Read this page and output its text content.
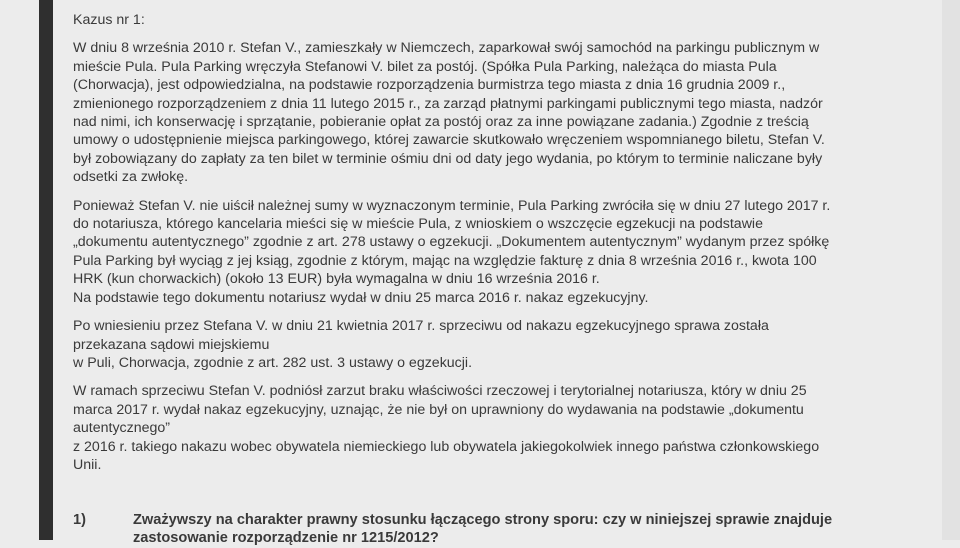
Kazus nr 1:

W dniu 8 września 2010 r. Stefan V., zamieszkały w Niemczech, zaparkował swój samochód na parkingu publicznym w
mieście Pula. Pula Parking wręczyła Stefanowi V. bilet za postój. (Spółka Pula Parking, należąca do miasta Pula
(Chorwacja), jest odpowiedzialna, na podstawie rozporządzenia burmistrza tego miasta z dnia 16 grudnia 2009 r.,
zmienionego rozporządzeniem z dnia 11 lutego 2015 r., za zarząd płatnymi parkingami publicznymi tego miasta, nadzór
nad nimi, ich konserwację i sprzątanie, pobieranie opłat za postój oraz za inne powiązane zadania.) Zgodnie z treścią
umowy o udostępnienie miejsca parkingowego, której zawarcie skutkowało wręczeniem wspomnianego biletu, Stefan V.
był zobowiązany do zapłaty za ten bilet w terminie ośmiu dni od daty jego wydania, po którym to terminie naliczane były
odsetki za zwłokę.

Ponieważ Stefan V. nie uiścił należnej sumy w wyznaczonym terminie, Pula Parking zwróciła się w dniu 27 lutego 2017 r.
do notariusza, którego kancelaria mieści się w mieście Pula, z wnioskiem o wszczęcie egzekucji na podstawie
„dokumentu autentycznego” zgodnie z art. 278 ustawy o egzekucji. „Dokumentem autentycznym” wydanym przez spółkę
Pula Parking był wyciąg z jej ksiąg, zgodnie z którym, mając na względzie fakturę z dnia 8 września 2016 r., kwota 100
HRK (kun chorwackich) (około 13 EUR) była wymagalna w dniu 16 września 2016 r.
Na podstawie tego dokumentu notariusz wydał w dniu 25 marca 2016 r. nakaz egzekucyjny.

Po wniesieniu przez Stefana V. w dniu 21 kwietnia 2017 r. sprzeciwu od nakazu egzekucyjnego sprawa została
przekazana sądowi miejskiemu
w Puli, Chorwacja, zgodnie z art. 282 ust. 3 ustawy o egzekucji.

W ramach sprzeciwu Stefan V. podniósł zarzut braku właściwości rzeczowej i terytorialnej notariusza, który w dniu 25
marca 2017 r. wydał nakaz egzekucyjny, uznając, że nie był on uprawniony do wydawania na podstawie „dokumentu
autentycznego”
z 2016 r. takiego nakazu wobec obywatela niemieckiego lub obywatela jakiegokolwiek innego państwa członkowskiego
Unii.

1)	Zważywszy na charakter prawny stosunku łączącego strony sporu: czy w niniejszej sprawie znajduje
zastosowanie rozporządzenie nr 1215/2012?
